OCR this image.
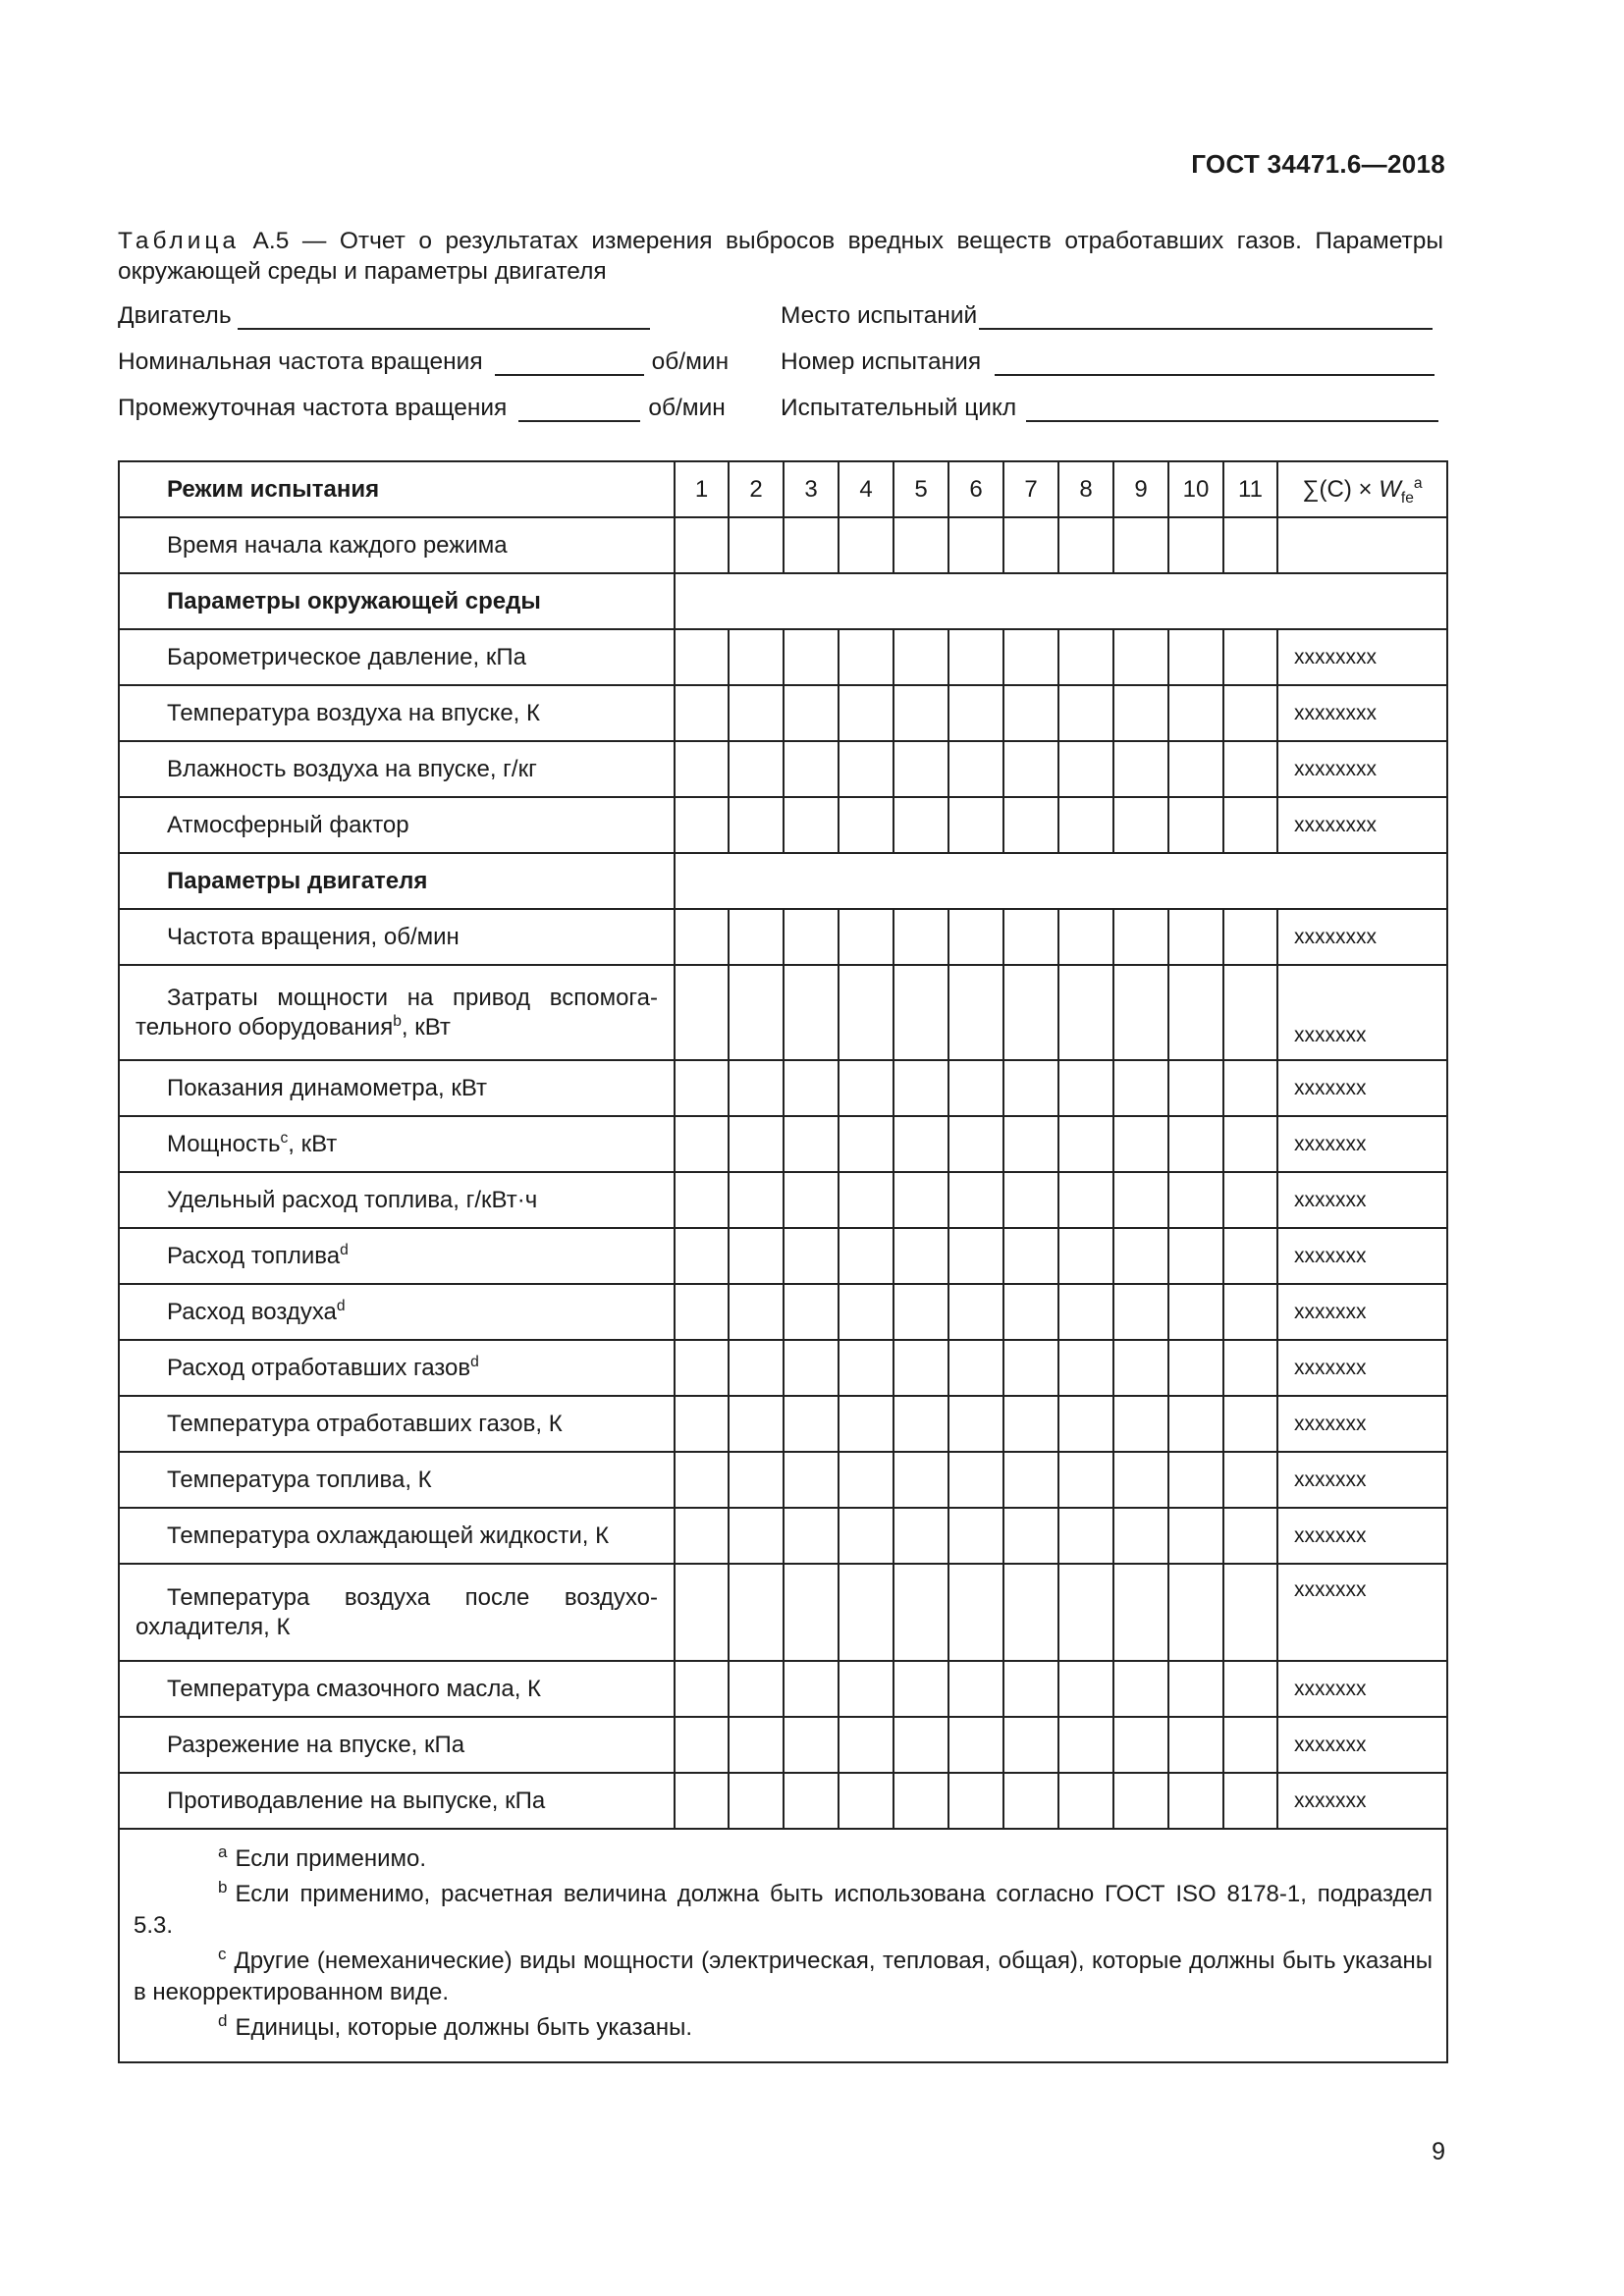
ГОСТ 34471.6—2018
Таблица А.5 — Отчет о результатах измерения выбросов вредных веществ отработавших газов. Параметры окружающей среды и параметры двигателя
Двигатель
Номинальная частота вращения	об/мин
Промежуточная частота вращения	об/мин
Место испытаний
Номер испытания
Испытательный цикл
Режим испытания	1	2	3	4	5	6	7	8	9	10	11	$\sum(C) \times W_{fe}^a$
Время начала каждого режима												
Параметры окружающей среды												
Барометрическое давление, кПа												xxxxxxxx
Температура воздуха на впуске, К												xxxxxxxx
Влажность воздуха на впуске, г/кг												xxxxxxxx
Атмосферный фактор												xxxxxxxx
Параметры двигателя												
Частота вращения, об/мин												xxxxxxxx

Затраты мощности на привод вспомога-
тельного оборудования$^b$, кВт												xxxxxxx
Показания динамометра, кВт												xxxxxxx
Мощность$^c$, кВт												xxxxxxx
Удельный расход топлива, г/кВт·ч												xxxxxxx
Расход топлива$^d$												xxxxxxx
Расход воздуха$^d$												xxxxxxx
Расход отработавших газов$^d$												xxxxxxx
Температура отработавших газов, К												xxxxxxx
Температура топлива, К												xxxxxxx
Температура охлаждающей жидкости, К												xxxxxxx

Температура воздуха после воздухо-
охладителя, К												xxxxxxx
Температура смазочного масла, К												xxxxxxx
Разрежение на впуске, кПа												xxxxxxx
Противодавление на выпуске, кПа												xxxxxxx

$^a$ Если применимо.
$^b$ Если применимо, расчетная величина должна быть использована согласно ГОСТ ISO 8178-1, подраздел 5.3.
$^c$ Другие (немеханические) виды мощности (электрическая, тепловая, общая), которые должны быть указаны в некорректированном виде.
$^d$ Единицы, которые должны быть указаны.												
9
